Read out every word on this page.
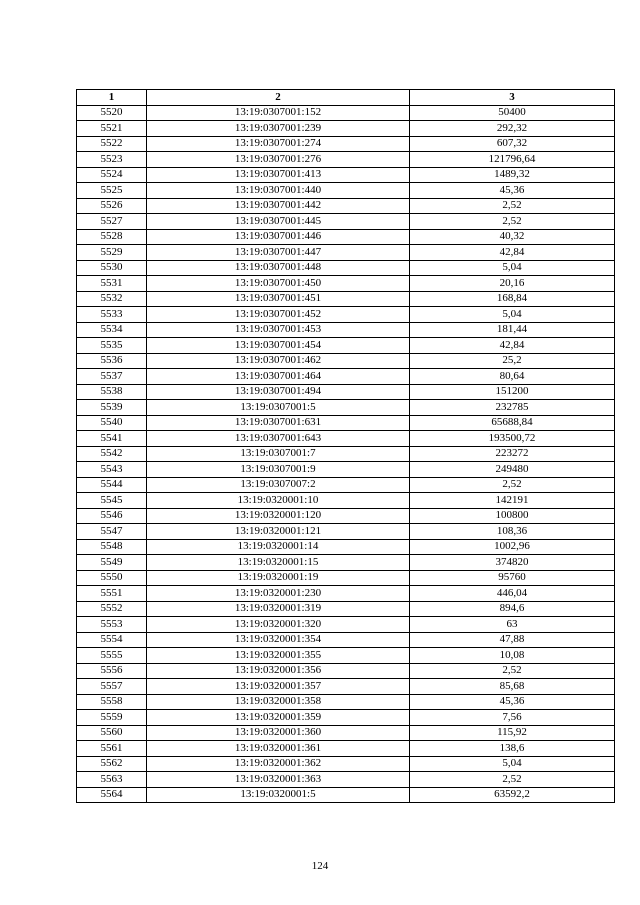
1	2	3
5520	13:19:0307001:152	50400
5521	13:19:0307001:239	292,32
5522	13:19:0307001:274	607,32
5523	13:19:0307001:276	121796,64
5524	13:19:0307001:413	1489,32
5525	13:19:0307001:440	45,36
5526	13:19:0307001:442	2,52
5527	13:19:0307001:445	2,52
5528	13:19:0307001:446	40,32
5529	13:19:0307001:447	42,84
5530	13:19:0307001:448	5,04
5531	13:19:0307001:450	20,16
5532	13:19:0307001:451	168,84
5533	13:19:0307001:452	5,04
5534	13:19:0307001:453	181,44
5535	13:19:0307001:454	42,84
5536	13:19:0307001:462	25,2
5537	13:19:0307001:464	80,64
5538	13:19:0307001:494	151200
5539	13:19:0307001:5	232785
5540	13:19:0307001:631	65688,84
5541	13:19:0307001:643	193500,72
5542	13:19:0307001:7	223272
5543	13:19:0307001:9	249480
5544	13:19:0307007:2	2,52
5545	13:19:0320001:10	142191
5546	13:19:0320001:120	100800
5547	13:19:0320001:121	108,36
5548	13:19:0320001:14	1002,96
5549	13:19:0320001:15	374820
5550	13:19:0320001:19	95760
5551	13:19:0320001:230	446,04
5552	13:19:0320001:319	894,6
5553	13:19:0320001:320	63
5554	13:19:0320001:354	47,88
5555	13:19:0320001:355	10,08
5556	13:19:0320001:356	2,52
5557	13:19:0320001:357	85,68
5558	13:19:0320001:358	45,36
5559	13:19:0320001:359	7,56
5560	13:19:0320001:360	115,92
5561	13:19:0320001:361	138,6
5562	13:19:0320001:362	5,04
5563	13:19:0320001:363	2,52
5564	13:19:0320001:5	63592,2
124
